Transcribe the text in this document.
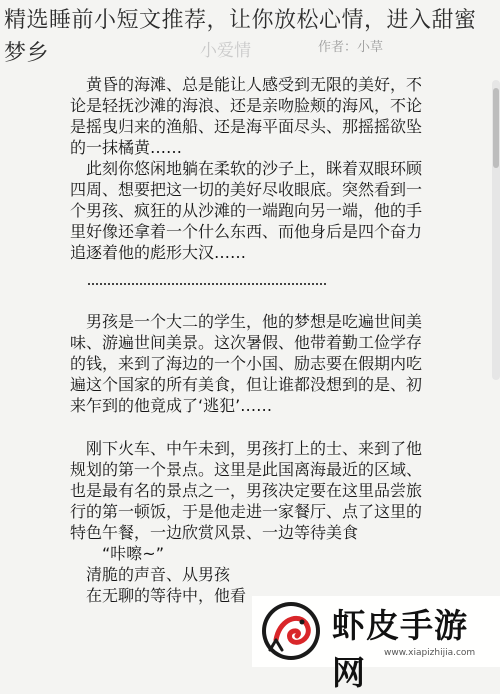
精选睡前小短文推荐，让你放松心情，进入甜蜜梦乡	小爱情	作者：小草

黄昏的海滩、总是能让人感受到无限的美好，不论是轻抚沙滩的海浪、还是亲吻脸颊的海风，不论是摇曳归来的渔船、还是海平面尽头、那摇摇欲坠的一抹橘黄……

此刻你悠闲地躺在柔软的沙子上，眯着双眼环顾四周、想要把这一切的美好尽收眼底。突然看到一个男孩、疯狂的从沙滩的一端跑向另一端，他的手里好像还拿着一个什么东西、而他身后是四个奋力追逐着他的彪形大汉……

男孩是一个大二的学生，他的梦想是吃遍世间美味、游遍世间美景。这次暑假、他带着勤工俭学存的钱，来到了海边的一个小国、励志要在假期内吃遍这个国家的所有美食，但让谁都没想到的是、初来乍到的他竟成了‘逃犯’……

刚下火车、中午未到，男孩打上的士、来到了他规划的第一个景点。这里是此国离海最近的区域、也是最有名的景点之一，男孩决定要在这里品尝旅行的第一顿饭，于是他走进一家餐厅、点了这里的特色午餐，一边欣赏风景、一边等待美食

“咔嚓~”

清脆的声音、从男孩

在无聊的等待中，他看

虾皮手游网	www.xiapizhijia.com
